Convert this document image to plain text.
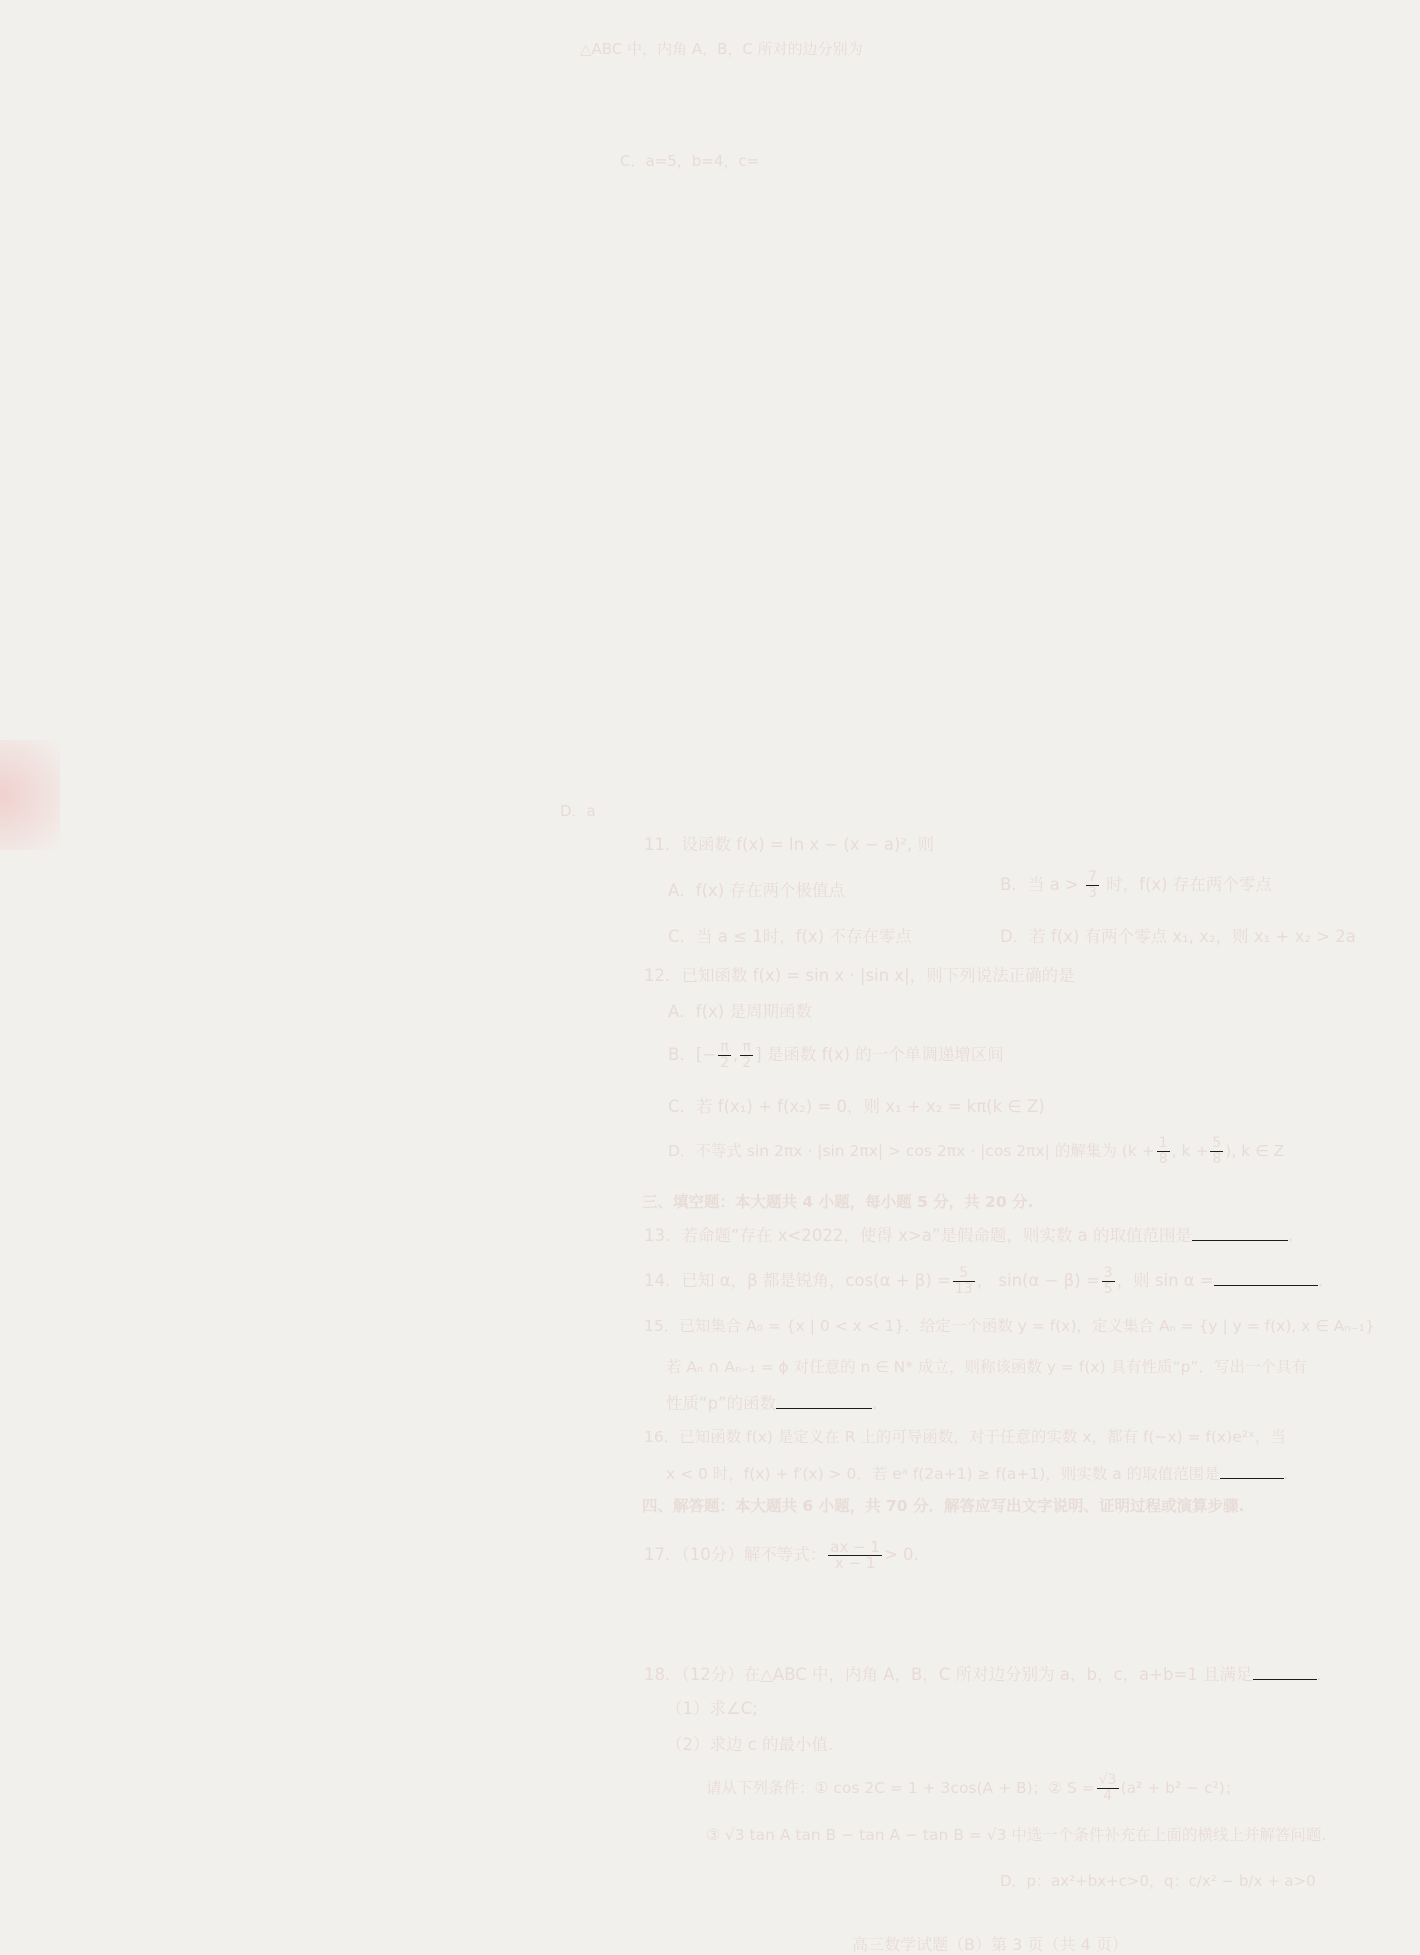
△ABC 中，内角 A，B，C 所对的边分别为
C．a=5，b=4，c=
D．a
D．p：ax²+bx+c>0，q：c/x² − b/x + a>0
11．设函数 f(x) = ln x − (x − a)², 则
A．f(x) 存在两个极值点	B．当 $a > \frac{7}{3}$ 时，f(x) 存在两个零点
C．当 a ≤ 1时，f(x) 不存在零点	D．若 f(x) 有两个零点 x₁, x₂，则 x₁ + x₂ > 2a
12．已知函数 f(x) = sin x · |sin x|，则下列说法正确的是
A．f(x) 是周期函数
B．[− $\frac{\pi}{2}$ , $\frac{\pi}{2}$ ] 是函数 f(x) 的一个单调递增区间
C．若 f(x₁) + f(x₂) = 0，则 x₁ + x₂ = kπ(k ∈ Z)
D．不等式 sin 2πx · |sin 2πx| > cos 2πx · |cos 2πx| 的解集为 ($k + \frac{1}{8}$ , $k + \frac{5}{8}$ ), k ∈ Z
三、填空题：本大题共 4 小题，每小题 5 分，共 20 分.
13．若命题“存在 x<2022，使得 x>a”是假命题，则实数 a 的取值范围是	.
14．已知 α，β 都是锐角，$\cos(\alpha + \beta) = \frac{5}{13}$ ， $\sin(\alpha - \beta) = \frac{3}{5}$ ，则 sin α =	.
15．已知集合 A₀ = {x | 0 < x < 1}．给定一个函数 y = f(x)，定义集合 Aₙ = {y | y = f(x), x ∈ Aₙ₋₁}
若 Aₙ ∩ Aₙ₋₁ = ϕ 对任意的 n ∈ N* 成立，则称该函数 y = f(x) 具有性质“p”．写出一个具有
性质“p”的函数	.
16．已知函数 f(x) 是定义在 R 上的可导函数，对于任意的实数 x，都有 f(−x) = f(x)e²ˣ，当
x < 0 时，f(x) + f′(x) > 0．若 eᵃ f(2a+1) ≥ f(a+1)，则实数 a 的取值范围是	.
四、解答题：本大题共 6 小题，共 70 分．解答应写出文字说明、证明过程或演算步骤.
17．（10分）解不等式： $\frac{ax - 1}{x - 1} > 0$.
18．（12分）在△ABC 中，内角 A，B，C 所对边分别为 a，b，c，a+b=1 且满足	.
（1）求∠C;
（2）求边 c 的最小值.
请从下列条件：① cos 2C = 1 + 3cos(A + B)；② $S = \frac{√3}{4} (a^2 + b^2 - c^2)$；
③ √3 tan A tan B − tan A − tan B = √3 中选一个条件补充在上面的横线上并解答问题.
高三数学试题（B）第 3 页（共 4 页）
